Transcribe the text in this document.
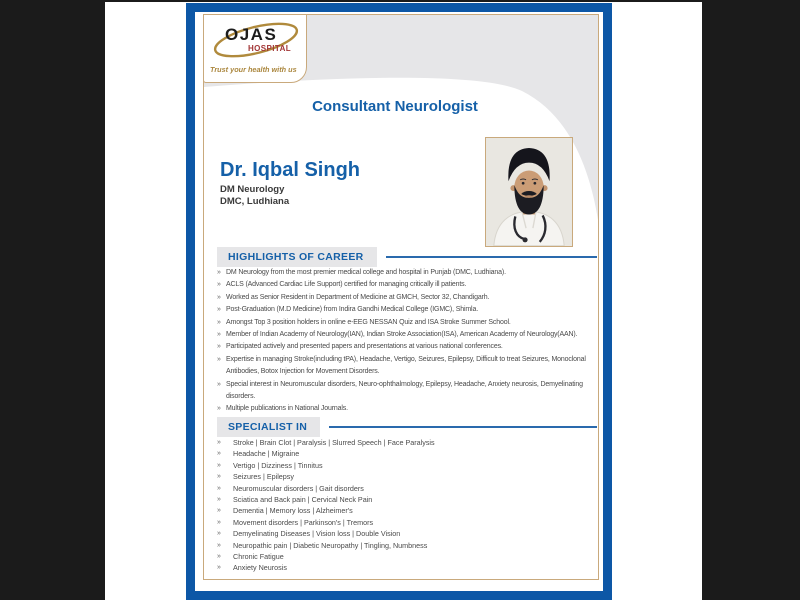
OJAS
HOSPITAL
Trust your health with us
Consultant Neurologist
Dr. Iqbal Singh
DM Neurology
DMC, Ludhiana
HIGHLIGHTS OF CAREER
» DM Neurology from the most premier medical college and hospital in Punjab (DMC, Ludhiana).
» ACLS (Advanced Cardiac Life Support) certified for managing critically ill patients.
» Worked as Senior Resident in Department of Medicine at GMCH, Sector 32, Chandigarh.
» Post-Graduation (M.D Medicine) from Indira Gandhi Medical College (IGMC), Shimla.
» Amongst Top 3 position holders in online e-EEG NESSAN Quiz and ISA Stroke Summer School.
» Member of Indian Academy of Neurology(IAN), Indian Stroke Association(ISA), American Academy of Neurology(AAN).
» Participated actively and presented papers and presentations at various national conferences.
» Expertise in managing Stroke(including tPA), Headache, Vertigo, Seizures, Epilepsy, Difficult to treat Seizures, Monoclonal Antibodies, Botox Injection for Movement Disorders.
» Special interest in Neuromuscular disorders, Neuro-ophthalmology, Epilepsy, Headache, Anxiety neurosis, Demyelinating disorders.
» Multiple publications in National Journals.
SPECIALIST IN
»	Stroke | Brain Clot | Paralysis | Slurred Speech | Face Paralysis
»	Headache | Migraine
»	Vertigo | Dizziness | Tinnitus
»	Seizures | Epilepsy
»	Neuromuscular disorders | Gait disorders
»	Sciatica and Back pain | Cervical Neck Pain
»	Dementia | Memory loss | Alzheimer's
»	Movement disorders | Parkinson's | Tremors
»	Demyelinating Diseases | Vision loss | Double Vision
»	Neuropathic pain | Diabetic Neuropathy | Tingling, Numbness
»	Chronic Fatigue
»	Anxiety Neurosis
